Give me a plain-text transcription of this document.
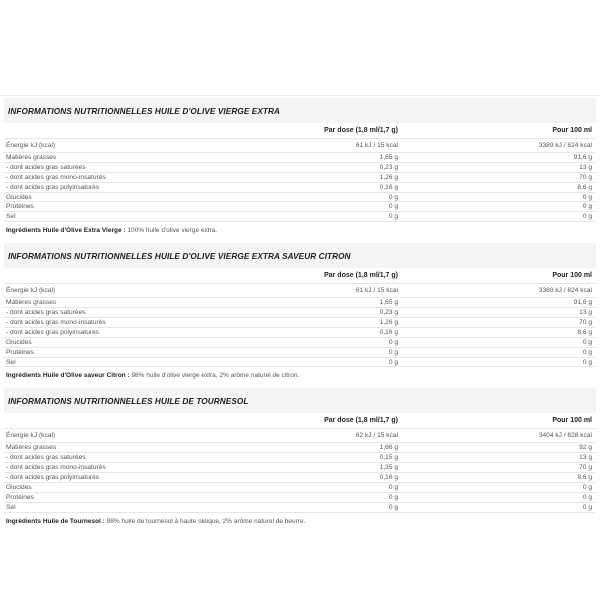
INFORMATIONS NUTRITIONNELLES HUILE D'OLIVE VIERGE EXTRA
Par dose (1,8 ml/1,7 g)	Pour 100 ml
Énergie kJ (kcal)	61 kJ / 15 kcal	3389 kJ / 824 kcal
Matières grasses	1,65 g	91,6 g
- dont acides gras saturées	0,23 g	13 g
- dont acides gras mono-insaturés	1,26 g	70 g
- dont acides gras polyinsaturés	0,16 g	8,6 g
Glucides	0 g	0 g
Protéines	0 g	0 g
Sel	0 g	0 g
Ingrédients Huile d'Olive Extra Vierge : 100% huile d'olive vierge extra.
INFORMATIONS NUTRITIONNELLES HUILE D'OLIVE VIERGE EXTRA SAVEUR CITRON
Par dose (1,8 ml/1,7 g)	Pour 100 ml
Énergie kJ (kcal)	61 kJ / 15 kcal	3389 kJ / 824 kcal
Matières grasses	1,65 g	91,6 g
- dont acides gras saturées	0,23 g	13 g
- dont acides gras mono-insaturés	1,26 g	70 g
- dont acides gras polyinsaturés	0,16 g	8,6 g
Glucides	0 g	0 g
Protéines	0 g	0 g
Sel	0 g	0 g
Ingrédients Huile d'Olive saveur Citron : 98% huile d'olive vierge extra, 2% arôme naturel de citron.
INFORMATIONS NUTRITIONNELLES HUILE DE TOURNESOL
Par dose (1,8 ml/1,7 g)	Pour 100 ml
Énergie kJ (kcal)	62 kJ / 15 kcal	3404 kJ / 828 kcal
Matières grasses	1,66 g	92 g
- dont acides gras saturées	0,15 g	13 g
- dont acides gras mono-insaturés	1,35 g	70 g
- dont acides gras polyinsaturés	0,16 g	8,6 g
Glucides	0 g	0 g
Protéines	0 g	0 g
Sel	0 g	0 g
Ingrédients Huile de Tournesol : 98% huile de tournesol à haute oléique, 2% arôme naturel de beurre.
